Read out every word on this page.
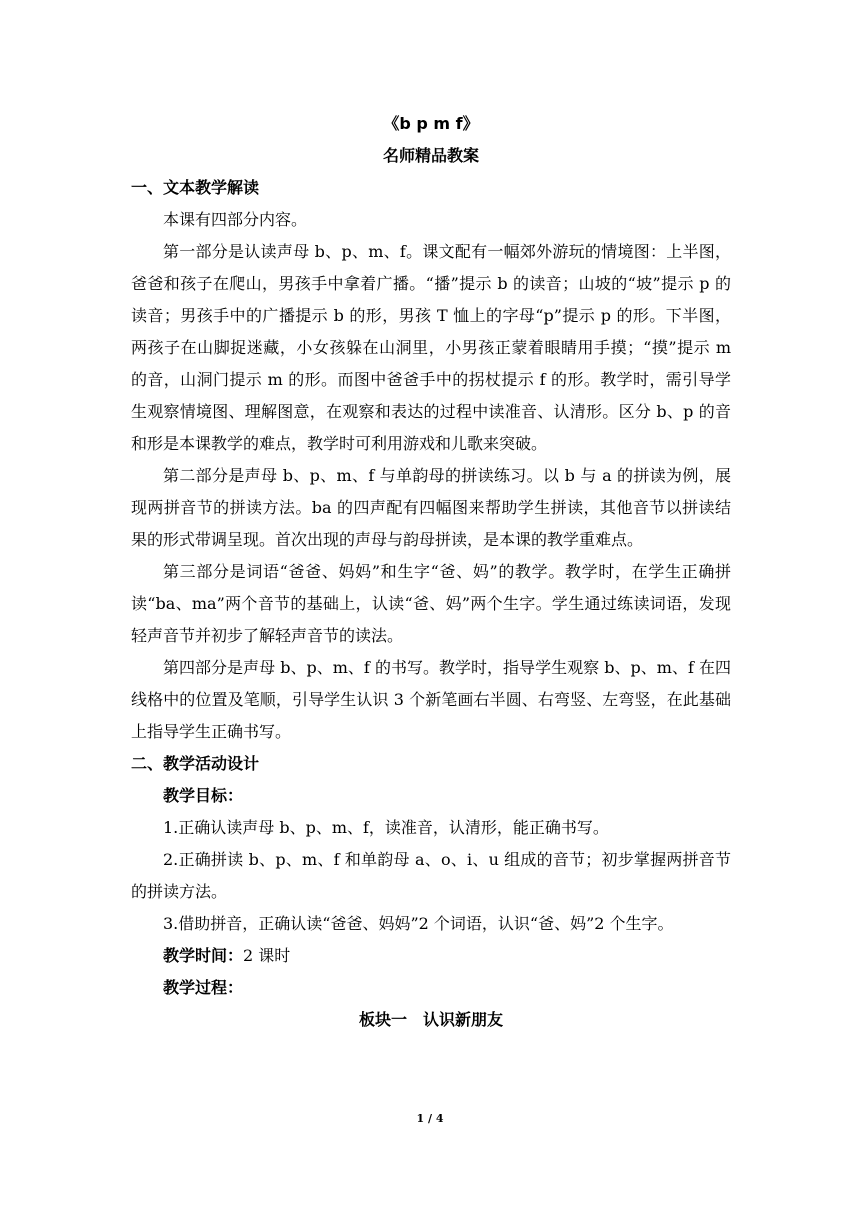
《b p m f》

名师精品教案

一、文本教学解读

本课有四部分内容。

第一部分是认读声母 b、p、m、f。课文配有一幅郊外游玩的情境图：上半图，爸爸和孩子在爬山，男孩手中拿着广播。“播”提示 b 的读音；山坡的“坡”提示 p 的读音；男孩手中的广播提示 b 的形，男孩 T 恤上的字母“p”提示 p 的形。下半图，两孩子在山脚捉迷藏，小女孩躲在山洞里，小男孩正蒙着眼睛用手摸；“摸”提示 m 的音，山洞门提示 m 的形。而图中爸爸手中的拐杖提示 f 的形。教学时，需引导学生观察情境图、理解图意，在观察和表达的过程中读准音、认清形。区分 b、p 的音和形是本课教学的难点，教学时可利用游戏和儿歌来突破。

第二部分是声母 b、p、m、f 与单韵母的拼读练习。以 b 与 a 的拼读为例，展现两拼音节的拼读方法。ba 的四声配有四幅图来帮助学生拼读，其他音节以拼读结果的形式带调呈现。首次出现的声母与韵母拼读，是本课的教学重难点。

第三部分是词语“爸爸、妈妈”和生字“爸、妈”的教学。教学时，在学生正确拼读“ba、ma”两个音节的基础上，认读“爸、妈”两个生字。学生通过练读词语，发现轻声音节并初步了解轻声音节的读法。

第四部分是声母 b、p、m、f 的书写。教学时，指导学生观察 b、p、m、f 在四线格中的位置及笔顺，引导学生认识 3 个新笔画右半圆、右弯竖、左弯竖，在此基础上指导学生正确书写。

二、教学活动设计

教学目标：

1.正确认读声母 b、p、m、f，读准音，认清形，能正确书写。

2.正确拼读 b、p、m、f 和单韵母 a、o、i、u 组成的音节；初步掌握两拼音节的拼读方法。

3.借助拼音，正确认读“爸爸、妈妈”2 个词语，认识“爸、妈”2 个生字。

教学时间：2 课时

教学过程：

板块一　认识新朋友

1 / 4
